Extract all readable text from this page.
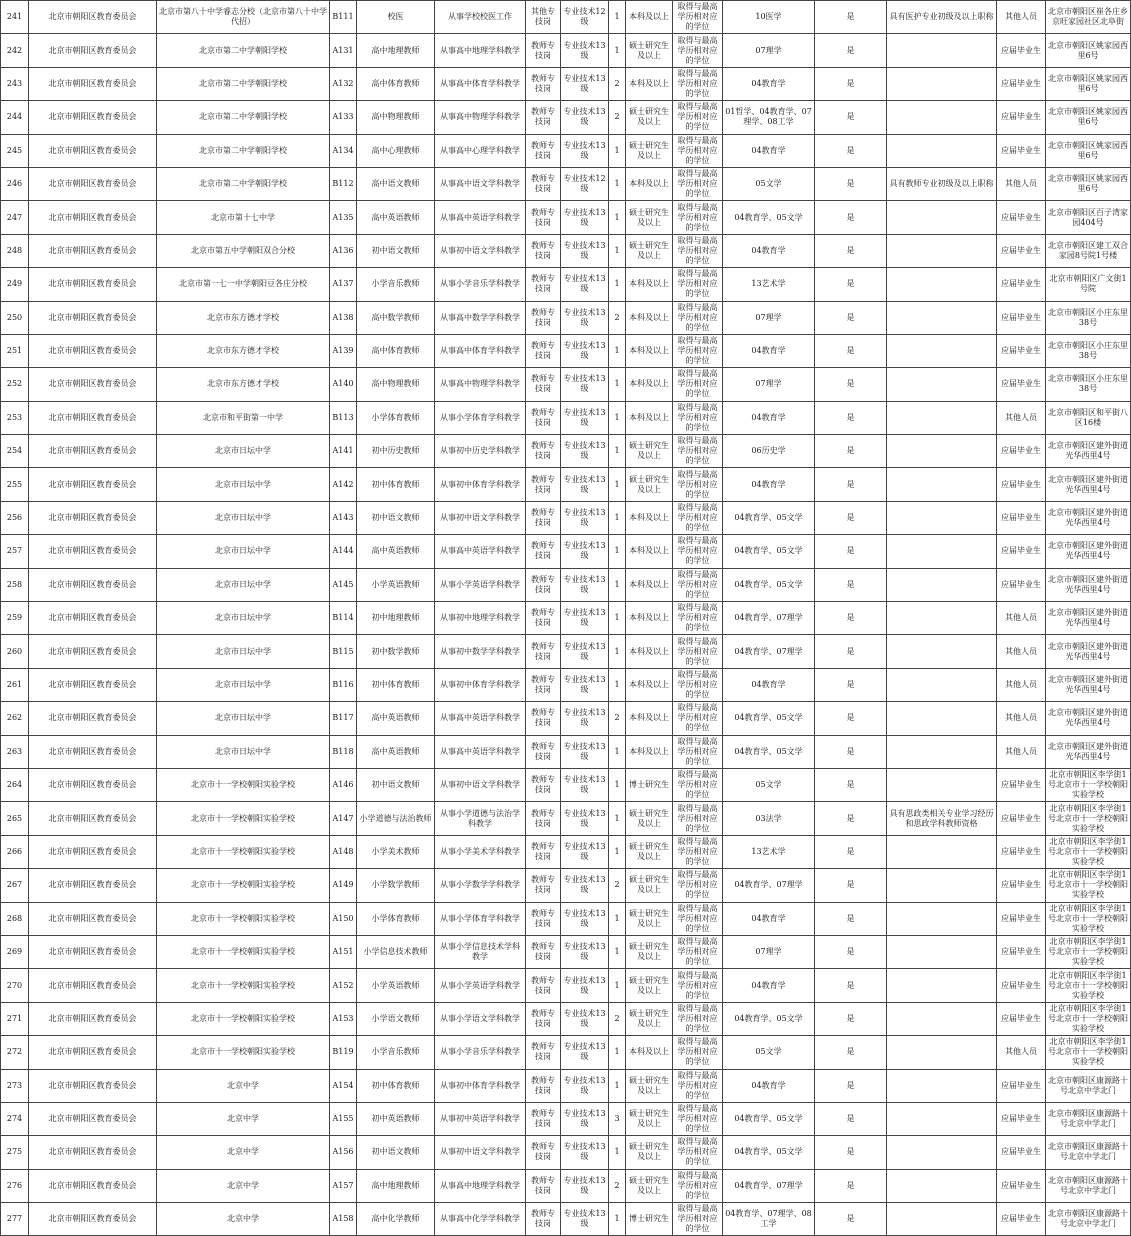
241	北京市朝阳区教育委员会	北京市第八十中学睿志分校（北京市第八十中学代招）	B111	校医	从事学校校医工作	其他专技岗	专业技术12级	1	本科及以上	取得与最高学历相对应的学位	10医学	是	具有医护专业初级及以上职称	其他人员	北京市朝阳区崔各庄乡京旺家园社区北阜街
242	北京市朝阳区教育委员会	北京市第二中学朝阳学校	A131	高中地理教师	从事高中地理学科教学	教师专技岗	专业技术13级	1	硕士研究生及以上	取得与最高学历相对应的学位	07理学	是		应届毕业生	北京市朝阳区姚家园西里6号
243	北京市朝阳区教育委员会	北京市第二中学朝阳学校	A132	高中体育教师	从事高中体育学科教学	教师专技岗	专业技术13级	2	本科及以上	取得与最高学历相对应的学位	04教育学	是		应届毕业生	北京市朝阳区姚家园西里6号
244	北京市朝阳区教育委员会	北京市第二中学朝阳学校	A133	高中物理教师	从事高中物理学科教学	教师专技岗	专业技术13级	2	硕士研究生及以上	取得与最高学历相对应的学位	01哲学、04教育学、07理学、08工学	是		应届毕业生	北京市朝阳区姚家园西里6号
245	北京市朝阳区教育委员会	北京市第二中学朝阳学校	A134	高中心理教师	从事高中心理学科教学	教师专技岗	专业技术13级	1	硕士研究生及以上	取得与最高学历相对应的学位	04教育学	是		应届毕业生	北京市朝阳区姚家园西里6号
246	北京市朝阳区教育委员会	北京市第二中学朝阳学校	B112	高中语文教师	从事高中语文学科教学	教师专技岗	专业技术12级	1	本科及以上	取得与最高学历相对应的学位	05文学	是	具有教师专业初级及以上职称	其他人员	北京市朝阳区姚家园西里6号
247	北京市朝阳区教育委员会	北京市第十七中学	A135	高中英语教师	从事高中英语学科教学	教师专技岗	专业技术13级	1	硕士研究生及以上	取得与最高学历相对应的学位	04教育学、05文学	是		应届毕业生	北京市朝阳区百子湾家园404号
248	北京市朝阳区教育委员会	北京市第五中学朝阳双合分校	A136	初中语文教师	从事初中语文学科教学	教师专技岗	专业技术13级	1	硕士研究生及以上	取得与最高学历相对应的学位	04教育学	是		应届毕业生	北京市朝阳区建工双合家园8号院1号楼
249	北京市朝阳区教育委员会	北京市第一七一中学朝阳豆各庄分校	A137	小学音乐教师	从事小学音乐学科教学	教师专技岗	专业技术13级	1	本科及以上	取得与最高学历相对应的学位	13艺术学	是		应届毕业生	北京市朝阳区广文街1号院
250	北京市朝阳区教育委员会	北京市东方德才学校	A138	高中数学教师	从事高中数学学科教学	教师专技岗	专业技术13级	2	本科及以上	取得与最高学历相对应的学位	07理学	是		应届毕业生	北京市朝阳区小庄东里38号
251	北京市朝阳区教育委员会	北京市东方德才学校	A139	高中体育教师	从事高中体育学科教学	教师专技岗	专业技术13级	1	本科及以上	取得与最高学历相对应的学位	04教育学	是		应届毕业生	北京市朝阳区小庄东里38号
252	北京市朝阳区教育委员会	北京市东方德才学校	A140	高中物理教师	从事高中物理学科教学	教师专技岗	专业技术13级	1	本科及以上	取得与最高学历相对应的学位	07理学	是		应届毕业生	北京市朝阳区小庄东里38号
253	北京市朝阳区教育委员会	北京市和平街第一中学	B113	小学体育教师	从事小学体育学科教学	教师专技岗	专业技术13级	1	本科及以上	取得与最高学历相对应的学位	04教育学	是		其他人员	北京市朝阳区和平街八区16楼
254	北京市朝阳区教育委员会	北京市日坛中学	A141	初中历史教师	从事初中历史学科教学	教师专技岗	专业技术13级	1	硕士研究生及以上	取得与最高学历相对应的学位	06历史学	是		应届毕业生	北京市朝阳区建外街道光华西里4号
255	北京市朝阳区教育委员会	北京市日坛中学	A142	初中体育教师	从事初中体育学科教学	教师专技岗	专业技术13级	1	硕士研究生及以上	取得与最高学历相对应的学位	04教育学	是		应届毕业生	北京市朝阳区建外街道光华西里4号
256	北京市朝阳区教育委员会	北京市日坛中学	A143	初中语文教师	从事初中语文学科教学	教师专技岗	专业技术13级	1	本科及以上	取得与最高学历相对应的学位	04教育学、05文学	是		应届毕业生	北京市朝阳区建外街道光华西里4号
257	北京市朝阳区教育委员会	北京市日坛中学	A144	高中英语教师	从事高中英语学科教学	教师专技岗	专业技术13级	1	本科及以上	取得与最高学历相对应的学位	04教育学、05文学	是		应届毕业生	北京市朝阳区建外街道光华西里4号
258	北京市朝阳区教育委员会	北京市日坛中学	A145	小学英语教师	从事小学英语学科教学	教师专技岗	专业技术13级	1	本科及以上	取得与最高学历相对应的学位	04教育学、05文学	是		应届毕业生	北京市朝阳区建外街道光华西里4号
259	北京市朝阳区教育委员会	北京市日坛中学	B114	初中地理教师	从事初中地理学科教学	教师专技岗	专业技术13级	1	本科及以上	取得与最高学历相对应的学位	04教育学、07理学	是		其他人员	北京市朝阳区建外街道光华西里4号
260	北京市朝阳区教育委员会	北京市日坛中学	B115	初中数学教师	从事初中数学学科教学	教师专技岗	专业技术13级	1	本科及以上	取得与最高学历相对应的学位	04教育学、07理学	是		其他人员	北京市朝阳区建外街道光华西里4号
261	北京市朝阳区教育委员会	北京市日坛中学	B116	初中体育教师	从事初中体育学科教学	教师专技岗	专业技术13级	1	本科及以上	取得与最高学历相对应的学位	04教育学	是		其他人员	北京市朝阳区建外街道光华西里4号
262	北京市朝阳区教育委员会	北京市日坛中学	B117	高中英语教师	从事高中英语学科教学	教师专技岗	专业技术13级	2	本科及以上	取得与最高学历相对应的学位	04教育学、05文学	是		其他人员	北京市朝阳区建外街道光华西里4号
263	北京市朝阳区教育委员会	北京市日坛中学	B118	高中英语教师	从事高中英语学科教学	教师专技岗	专业技术13级	1	本科及以上	取得与最高学历相对应的学位	04教育学、05文学	是		其他人员	北京市朝阳区建外街道光华西里4号
264	北京市朝阳区教育委员会	北京市十一学校朝阳实验学校	A146	初中语文教师	从事初中语文学科教学	教师专技岗	专业技术13级	1	博士研究生	取得与最高学历相对应的学位	05文学	是		应届毕业生	北京市朝阳区李学街1号北京市十一学校朝阳实验学校
265	北京市朝阳区教育委员会	北京市十一学校朝阳实验学校	A147	小学道德与法治教师	从事小学道德与法治学科教学	教师专技岗	专业技术13级	1	硕士研究生及以上	取得与最高学历相对应的学位	03法学	是	具有思政类相关专业学习经历和思政学科教师资格	应届毕业生	北京市朝阳区李学街1号北京市十一学校朝阳实验学校
266	北京市朝阳区教育委员会	北京市十一学校朝阳实验学校	A148	小学美术教师	从事小学美术学科教学	教师专技岗	专业技术13级	1	硕士研究生及以上	取得与最高学历相对应的学位	13艺术学	是		应届毕业生	北京市朝阳区李学街1号北京市十一学校朝阳实验学校
267	北京市朝阳区教育委员会	北京市十一学校朝阳实验学校	A149	小学数学教师	从事小学数学学科教学	教师专技岗	专业技术13级	2	硕士研究生及以上	取得与最高学历相对应的学位	04教育学、07理学	是		应届毕业生	北京市朝阳区李学街1号北京市十一学校朝阳实验学校
268	北京市朝阳区教育委员会	北京市十一学校朝阳实验学校	A150	小学体育教师	从事小学体育学科教学	教师专技岗	专业技术13级	1	硕士研究生及以上	取得与最高学历相对应的学位	04教育学	是		应届毕业生	北京市朝阳区李学街1号北京市十一学校朝阳实验学校
269	北京市朝阳区教育委员会	北京市十一学校朝阳实验学校	A151	小学信息技术教师	从事小学信息技术学科教学	教师专技岗	专业技术13级	1	硕士研究生及以上	取得与最高学历相对应的学位	07理学	是		应届毕业生	北京市朝阳区李学街1号北京市十一学校朝阳实验学校
270	北京市朝阳区教育委员会	北京市十一学校朝阳实验学校	A152	小学英语教师	从事小学英语学科教学	教师专技岗	专业技术13级	1	硕士研究生及以上	取得与最高学历相对应的学位	04教育学	是		应届毕业生	北京市朝阳区李学街1号北京市十一学校朝阳实验学校
271	北京市朝阳区教育委员会	北京市十一学校朝阳实验学校	A153	小学语文教师	从事小学语文学科教学	教师专技岗	专业技术13级	2	硕士研究生及以上	取得与最高学历相对应的学位	04教育学、05文学	是		应届毕业生	北京市朝阳区李学街1号北京市十一学校朝阳实验学校
272	北京市朝阳区教育委员会	北京市十一学校朝阳实验学校	B119	小学音乐教师	从事小学音乐学科教学	教师专技岗	专业技术13级	1	本科及以上	取得与最高学历相对应的学位	05文学	是		其他人员	北京市朝阳区李学街1号北京市十一学校朝阳实验学校
273	北京市朝阳区教育委员会	北京中学	A154	初中体育教师	从事初中体育学科教学	教师专技岗	专业技术13级	1	硕士研究生及以上	取得与最高学历相对应的学位	04教育学	是		应届毕业生	北京市朝阳区康源路十号北京中学北门
274	北京市朝阳区教育委员会	北京中学	A155	初中英语教师	从事初中英语学科教学	教师专技岗	专业技术13级	3	硕士研究生及以上	取得与最高学历相对应的学位	04教育学、05文学	是		应届毕业生	北京市朝阳区康源路十号北京中学北门
275	北京市朝阳区教育委员会	北京中学	A156	初中语文教师	从事初中语文学科教学	教师专技岗	专业技术13级	1	硕士研究生及以上	取得与最高学历相对应的学位	04教育学、05文学	是		应届毕业生	北京市朝阳区康源路十号北京中学北门
276	北京市朝阳区教育委员会	北京中学	A157	高中地理教师	从事高中地理学科教学	教师专技岗	专业技术13级	2	硕士研究生及以上	取得与最高学历相对应的学位	04教育学、07理学	是		应届毕业生	北京市朝阳区康源路十号北京中学北门
277	北京市朝阳区教育委员会	北京中学	A158	高中化学教师	从事高中化学学科教学	教师专技岗	专业技术13级	1	博士研究生	取得与最高学历相对应的学位	04教育学、07理学、08工学	是		应届毕业生	北京市朝阳区康源路十号北京中学北门
